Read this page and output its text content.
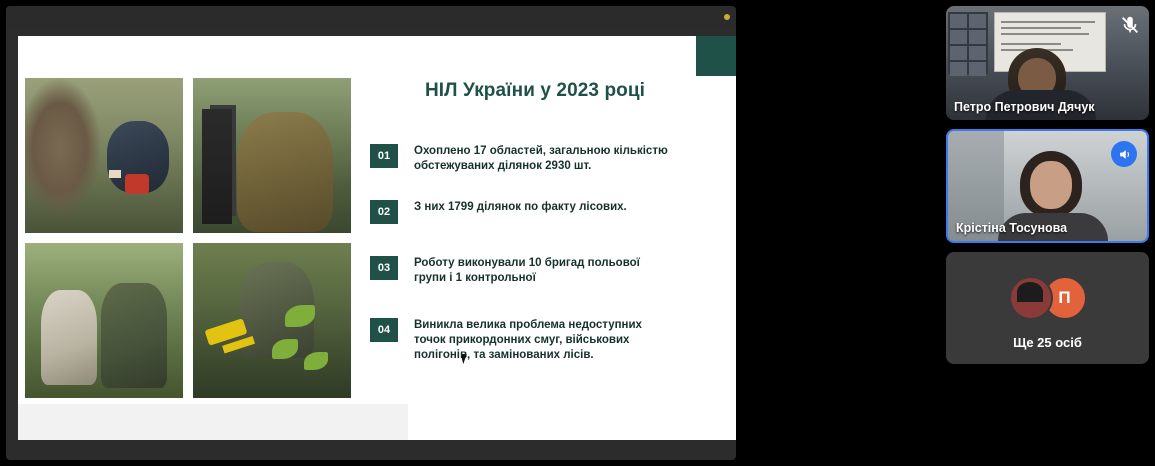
НІЛ України у 2023 році
01	Охоплено 17 областей, загальною кількістю обстежуваних ділянок 2930 шт.
02	З них 1799 ділянок по факту лісових.
03	Роботу виконували 10 бригад польової групи і 1 контрольної
04	Виникла велика проблема недоступних точок прикордонних смуг, військових полігонів, та замінованих лісів.
Петро Петрович Дячук
Крістіна Тосунова
П
Ще 25 осіб
